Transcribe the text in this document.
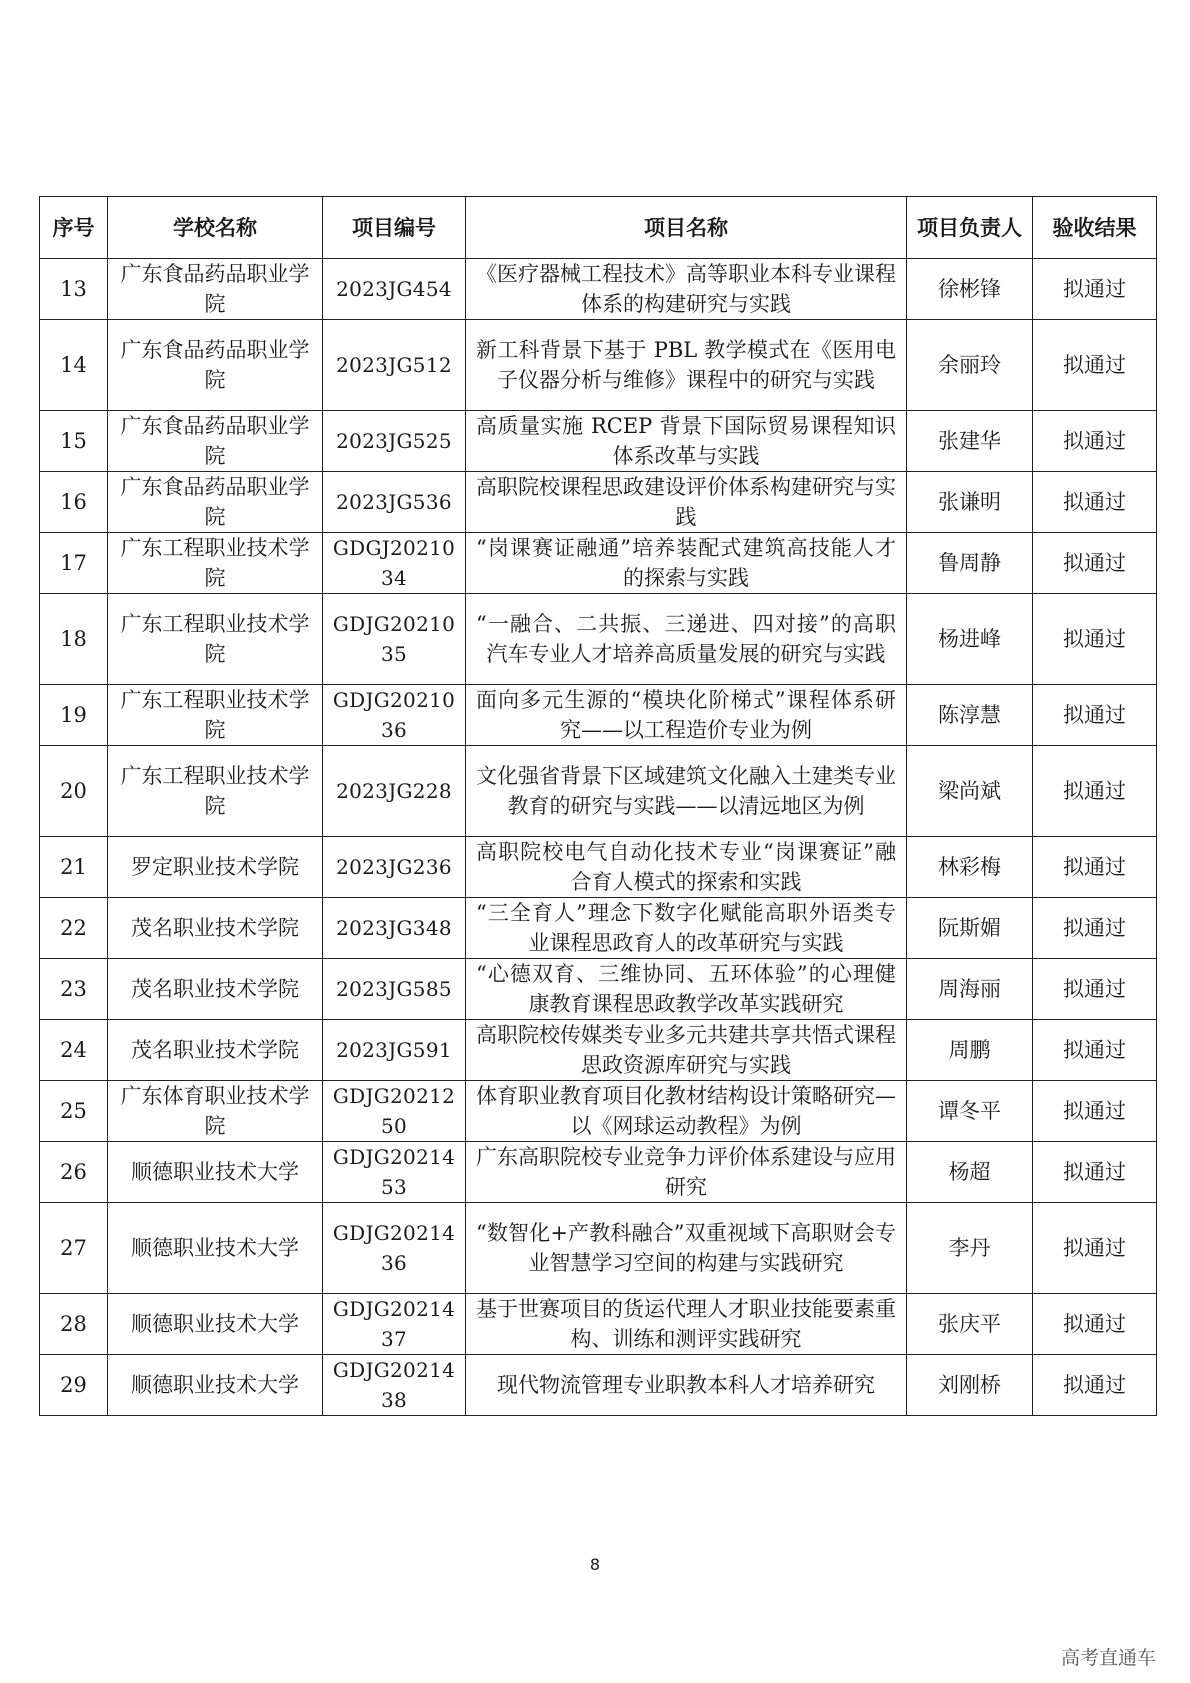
序号	学校名称	项目编号	项目名称	项目负责人	验收结果
13	广东食品药品职业学院	2023JG454	《医疗器械工程技术》高等职业本科专业课程体系的构建研究与实践	徐彬锋	拟通过
14	广东食品药品职业学院	2023JG512	新工科背景下基于 PBL 教学模式在《医用电子仪器分析与维修》课程中的研究与实践	余丽玲	拟通过
15	广东食品药品职业学院	2023JG525	高质量实施 RCEP 背景下国际贸易课程知识体系改革与实践	张建华	拟通过
16	广东食品药品职业学院	2023JG536	高职院校课程思政建设评价体系构建研究与实践	张谦明	拟通过
17	广东工程职业技术学院	GDGJ2021034	“岗课赛证融通”培养装配式建筑高技能人才的探索与实践	鲁周静	拟通过
18	广东工程职业技术学院	GDJG2021035	“一融合、二共振、三递进、四对接”的高职汽车专业人才培养高质量发展的研究与实践	杨进峰	拟通过
19	广东工程职业技术学院	GDJG2021036	面向多元生源的“模块化阶梯式”课程体系研究——以工程造价专业为例	陈淳慧	拟通过
20	广东工程职业技术学院	2023JG228	文化强省背景下区域建筑文化融入土建类专业教育的研究与实践——以清远地区为例	梁尚斌	拟通过
21	罗定职业技术学院	2023JG236	高职院校电气自动化技术专业“岗课赛证”融合育人模式的探索和实践	林彩梅	拟通过
22	茂名职业技术学院	2023JG348	“三全育人”理念下数字化赋能高职外语类专业课程思政育人的改革研究与实践	阮斯媚	拟通过
23	茂名职业技术学院	2023JG585	“心德双育、三维协同、五环体验”的心理健康教育课程思政教学改革实践研究	周海丽	拟通过
24	茂名职业技术学院	2023JG591	高职院校传媒类专业多元共建共享共悟式课程思政资源库研究与实践	周鹏	拟通过
25	广东体育职业技术学院	GDJG2021250	体育职业教育项目化教材结构设计策略研究—以《网球运动教程》为例	谭冬平	拟通过
26	顺德职业技术大学	GDJG2021453	广东高职院校专业竞争力评价体系建设与应用研究	杨超	拟通过
27	顺德职业技术大学	GDJG2021436	“数智化+产教科融合”双重视域下高职财会专业智慧学习空间的构建与实践研究	李丹	拟通过
28	顺德职业技术大学	GDJG2021437	基于世赛项目的货运代理人才职业技能要素重构、训练和测评实践研究	张庆平	拟通过
29	顺德职业技术大学	GDJG2021438	现代物流管理专业职教本科人才培养研究	刘刚桥	拟通过
8
高考直通车
